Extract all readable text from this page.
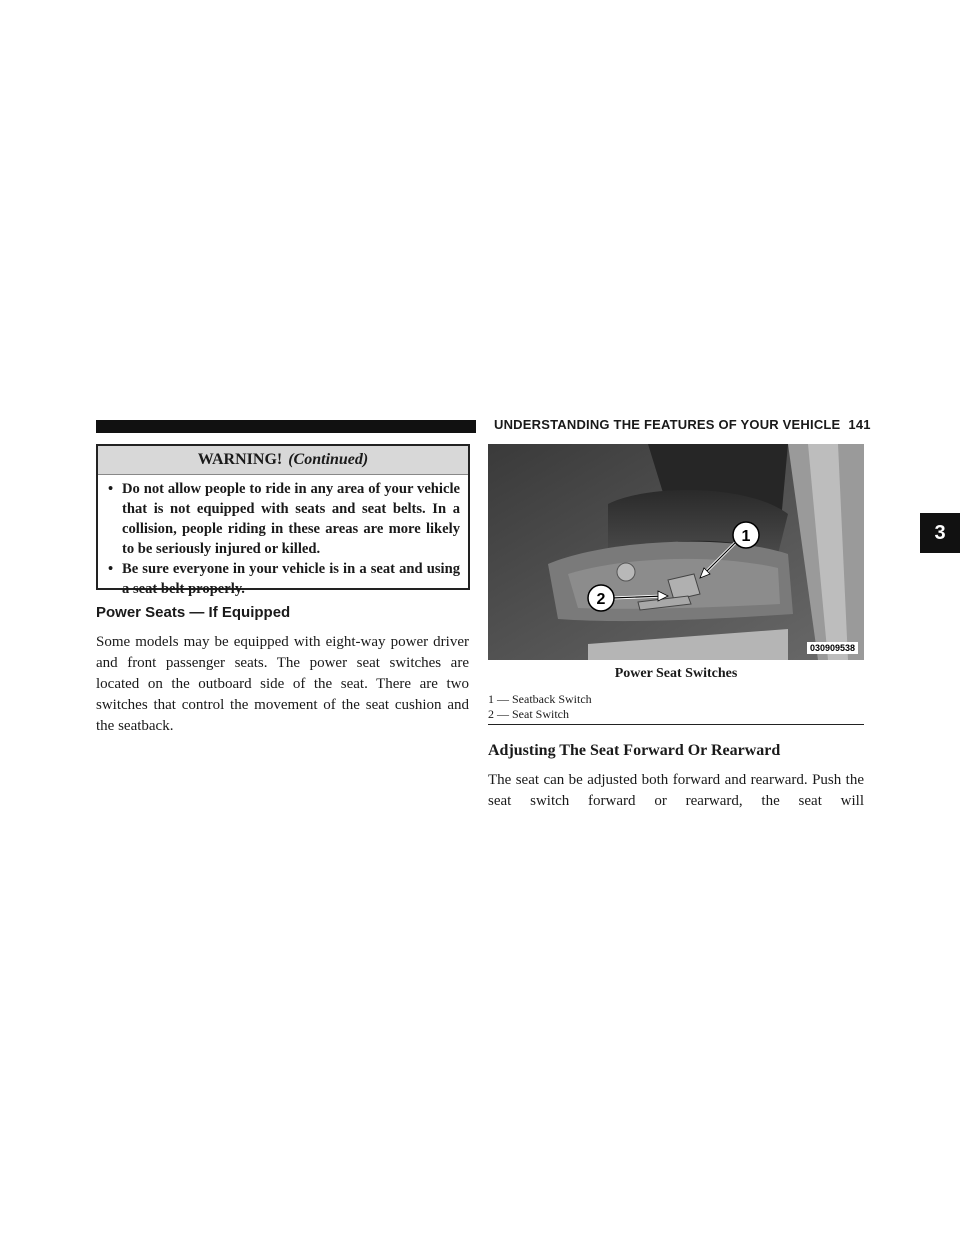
UNDERSTANDING THE FEATURES OF YOUR VEHICLE 141
3
WARNING! (Continued)
• Do not allow people to ride in any area of your vehicle that is not equipped with seats and seat belts. In a collision, people riding in these areas are more likely to be seriously injured or killed.
• Be sure everyone in your vehicle is in a seat and using a seat belt properly.
Power Seats — If Equipped

Some models may be equipped with eight-way power driver and front passenger seats. The power seat switches are located on the outboard side of the seat. There are two switches that control the movement of the seat cushion and the seatback.

1
2
030909538
Power Seat Switches
1 — Seatback Switch
2 — Seat Switch
Adjusting The Seat Forward Or Rearward

The seat can be adjusted both forward and rearward. Push the seat switch forward or rearward, the seat will
